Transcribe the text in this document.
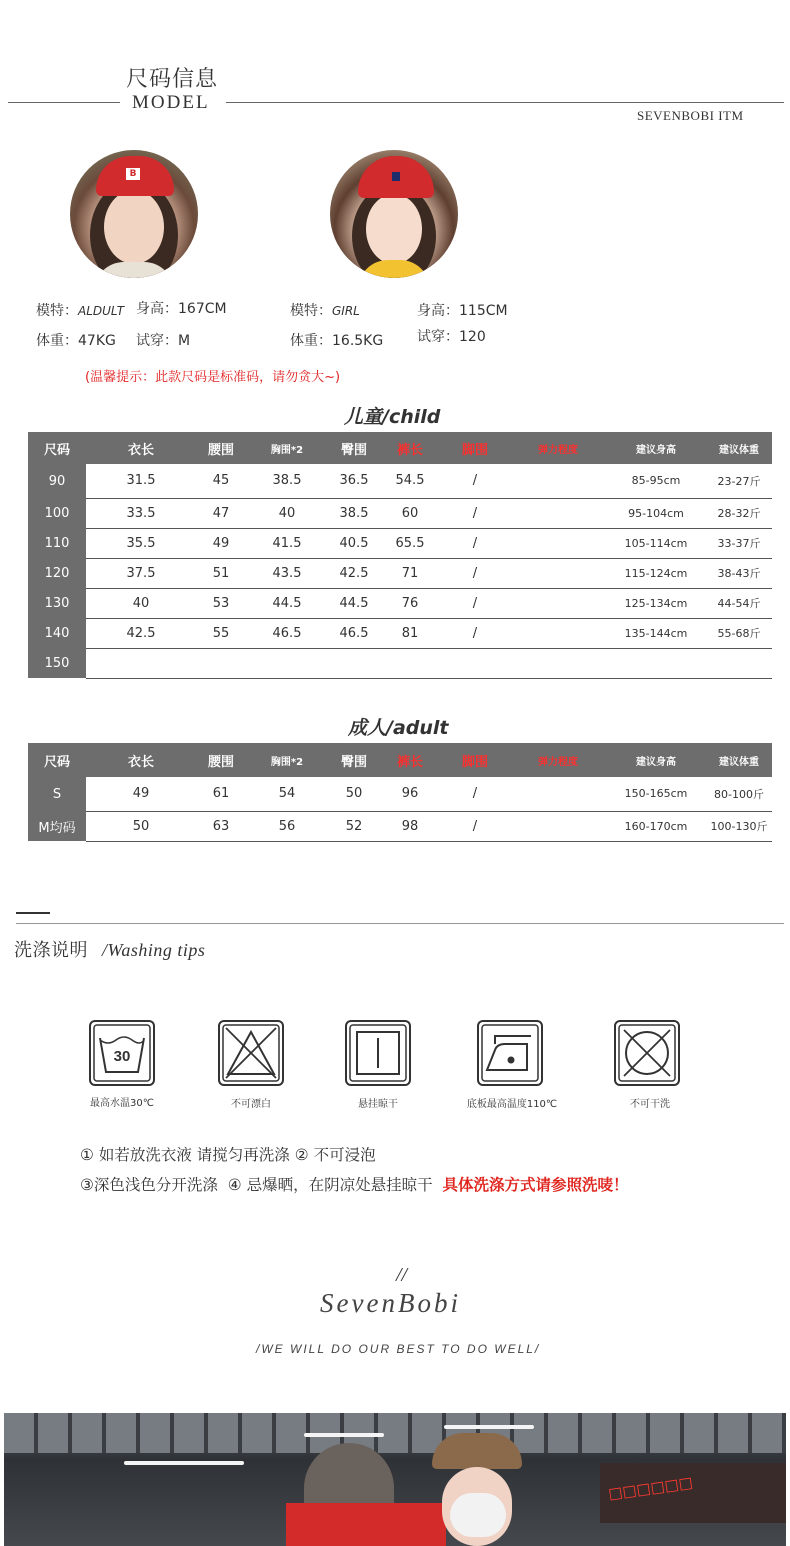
尺码信息
MODEL
SEVENBOBI ITM
B
模特：ALDULT 身高：167CM
体重：47KG 试穿：M
模特：GIRL	身高：115CM
体重：16.5KG 试穿：120
(温馨提示：此款尺码是标准码，请勿贪大~)
儿童/child
尺码	衣长	腰围	胸围*2	臀围	裤长	脚围	弹力程度	建议身高	建议体重
90	31.5	45	38.5	36.5	54.5	/		85-95cm	23-27斤
100	33.5	47	40	38.5	60	/		95-104cm	28-32斤
110	35.5	49	41.5	40.5	65.5	/		105-114cm	33-37斤
120	37.5	51	43.5	42.5	71	/		115-124cm	38-43斤
130	40	53	44.5	44.5	76	/		125-134cm	44-54斤
140	42.5	55	46.5	46.5	81	/		135-144cm	55-68斤
150									
成人/adult
尺码	衣长	腰围	胸围*2	臀围	裤长	脚围	弹力程度	建议身高	建议体重
S	49	61	54	50	96	/		150-165cm	80-100斤
M均码	50	63	56	52	98	/		160-170cm	100-130斤
洗涤说明 /Washing tips
30
最高水温30℃	不可漂白	悬挂晾干	底板最高温度110℃	不可干洗
① 如若放洗衣液 请搅匀再洗涤 ② 不可浸泡
③深色浅色分开洗涤 ④ 忌爆晒，在阴凉处悬挂晾干 具体洗涤方式请参照洗唛！
//
SevenBobi
/WE WILL DO OUR BEST TO DO WELL/
□□□□□□
